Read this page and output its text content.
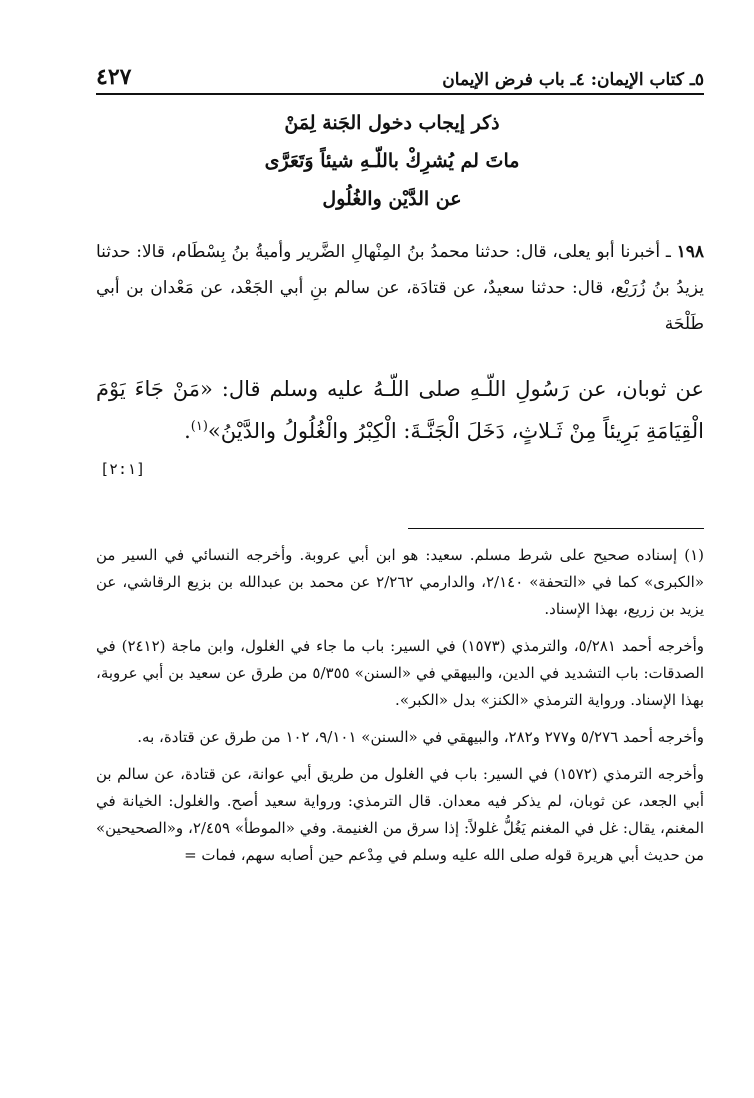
٥ـ كتاب الإيمان: ٤ـ باب فرض الإيمان
٤٢٧
ذكر إيجاب دخول الجَنة لِمَنْ
ماتَ لم يُشرِكْ باللّـهِ شيئاً وَتَعَرَّى
عن الدَّيْن والغُلُول
١٩٨ ـ أخبرنا أبو يعلى، قال: حدثنا محمدُ بنُ المِنْهالِ الضَّرير وأميةُ بنُ بِسْطَام، قالا: حدثنا يزيدُ بنُ زُرَيْع، قال: حدثنا سعيدٌ، عن قتادَة، عن سالم بنِ أبي الجَعْد، عن مَعْدان بن أبي طَلْحَة
عن ثوبان، عن رَسُولِ اللّـهِ صلى اللّـهُ عليه وسلم قال: «مَنْ جَاءَ يَوْمَ الْقِيَامَةِ بَرِيئاً مِنْ ثَـلاثٍ، دَخَلَ الْجَنَّـةَ: الْكِبْرُ والْغُلُولُ والدَّيْنُ»$^{(١)}$.
[٢:١]

(١) إسناده صحيح على شرط مسلم. سعيد: هو ابن أبي عروبة. وأخرجه النسائي في السير من «الكبرى» كما في «التحفة» ٢/١٤٠، والدارمي ٢/٢٦٢ عن محمد بن عبدالله بن بزيع الرقاشي، عن يزيد بن زريع، بهذا الإسناد.

وأخرجه أحمد ٥/٢٨١، والترمذي (١٥٧٣) في السير: باب ما جاء في الغلول، وابن ماجة (٢٤١٢) في الصدقات: باب التشديد في الدين، والبيهقي في «السنن» ٥/٣٥٥ من طرق عن سعيد بن أبي عروبة، بهذا الإسناد. ورواية الترمذي «الكنز» بدل «الكبر».

وأخرجه أحمد ٥/٢٧٦ و٢٧٧ و٢٨٢، والبيهقي في «السنن» ٩/١٠١، ١٠٢ من طرق عن قتادة، به.

وأخرجه الترمذي (١٥٧٢) في السير: باب في الغلول من طريق أبي عوانة، عن قتادة، عن سالم بن أبي الجعد، عن ثوبان، لم يذكر فيه معدان. قال الترمذي: ورواية سعيد أصح. والغلول: الخيانة في المغنم، يقال: غل في المغنم يَغُلُّ غلولاً: إذا سرق من الغنيمة. وفي «الموطأ» ٢/٤٥٩، و«الصحيحين» من حديث أبي هريرة قوله صلى الله عليه وسلم في مِدْعم حين أصابه سهم، فمات =
